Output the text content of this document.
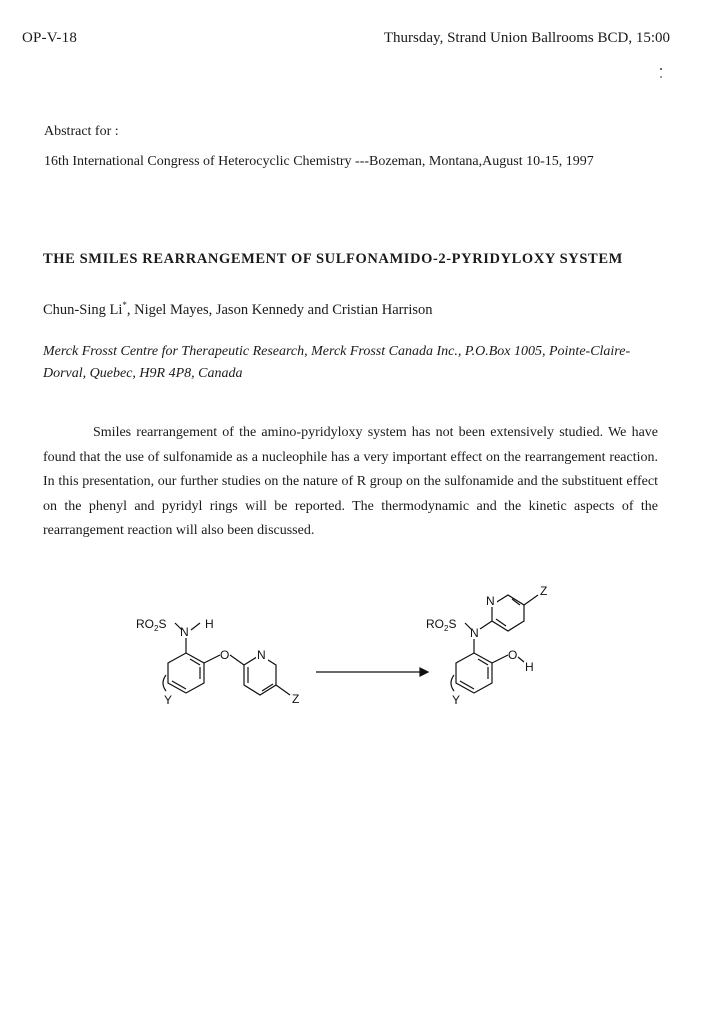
OP-V-18	Thursday, Strand Union Ballrooms BCD, 15:00
Abstract for :
16th International Congress of Heterocyclic Chemistry ---Bozeman, Montana,August 10-15, 1997
THE SMILES REARRANGEMENT OF SULFONAMIDO-2-PYRIDYLOXY SYSTEM
Chun-Sing Li*, Nigel Mayes, Jason Kennedy and Cristian Harrison
Merck Frosst Centre for Therapeutic Research, Merck Frosst Canada Inc., P.O.Box 1005, Pointe-Claire-Dorval, Quebec, H9R 4P8, Canada
Smiles rearrangement of the amino-pyridyloxy system has not been extensively studied. We have found that the use of sulfonamide as a nucleophile has a very important effect on the rearrangement reaction. In this presentation, our further studies on the nature of R group on the sulfonamide and the substituent effect on the phenyl and pyridyl rings will be reported. The thermodynamic and the kinetic aspects of the rearrangement reaction will also been discussed.
$RO_2S$
N
H
Y
O N
Z
$RO_2S$
N
N
Z
Y
O
H
